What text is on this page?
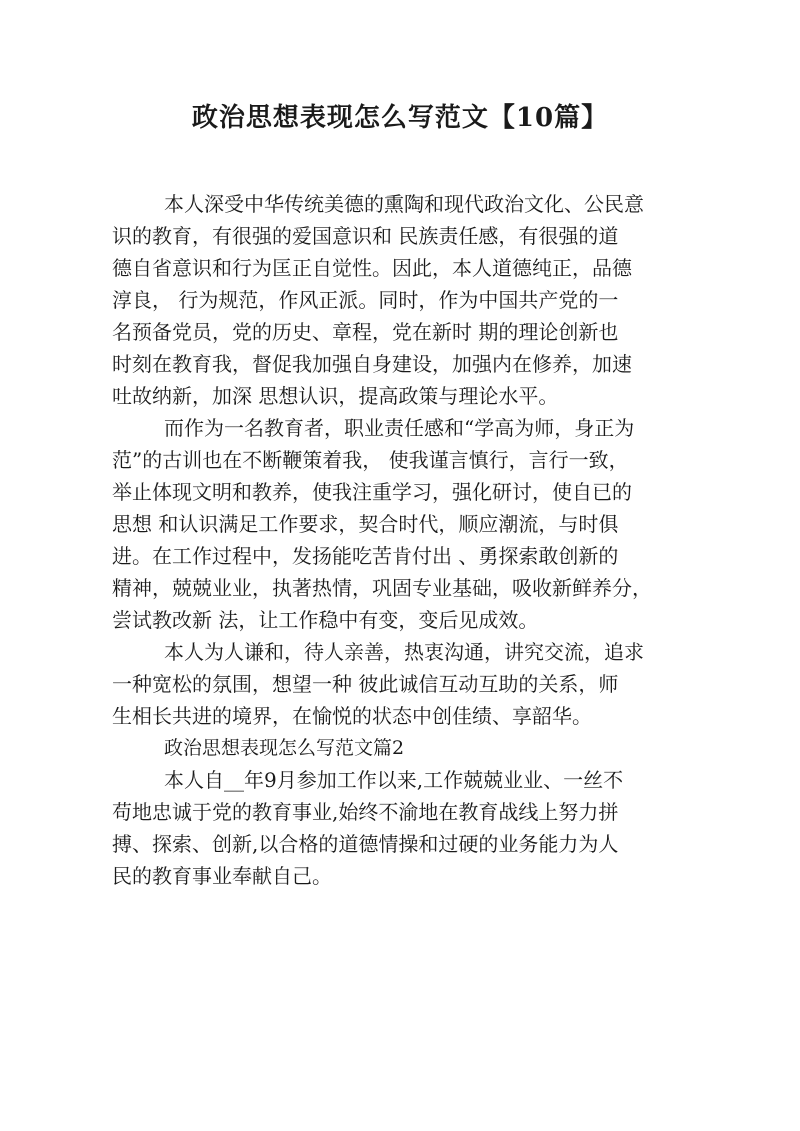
政治思想表现怎么写范文【10篇】
本人深受中华传统美德的熏陶和现代政治文化、公民意
识的教育，有很强的爱国意识和 民族责任感，有很强的道
德自省意识和行为匡正自觉性。因此，本人道德纯正，品德
淳良， 行为规范，作风正派。同时，作为中国共产党的一
名预备党员，党的历史、章程，党在新时 期的理论创新也
时刻在教育我，督促我加强自身建设，加强内在修养，加速
吐故纳新，加深 思想认识，提高政策与理论水平。
而作为一名教育者，职业责任感和“学高为师，身正为
范”的古训也在不断鞭策着我， 使我谨言慎行，言行一致，
举止体现文明和教养，使我注重学习，强化研讨，使自已的
思想 和认识满足工作要求，契合时代，顺应潮流，与时俱
进。在工作过程中，发扬能吃苦肯付出 、勇探索敢创新的
精神，兢兢业业，执著热情，巩固专业基础，吸收新鲜养分，
尝试教改新 法，让工作稳中有变，变后见成效。
本人为人谦和，待人亲善，热衷沟通，讲究交流，追求
一种宽松的氛围，想望一种 彼此诚信互动互助的关系，师
生相长共进的境界，在愉悦的状态中创佳绩、享韶华。
政治思想表现怎么写范文篇2
本人自__年9月参加工作以来,工作兢兢业业、一丝不
苟地忠诚于党的教育事业,始终不渝地在教育战线上努力拼
搏、探索、创新,以合格的道德情操和过硬的业务能力为人
民的教育事业奉献自己。
